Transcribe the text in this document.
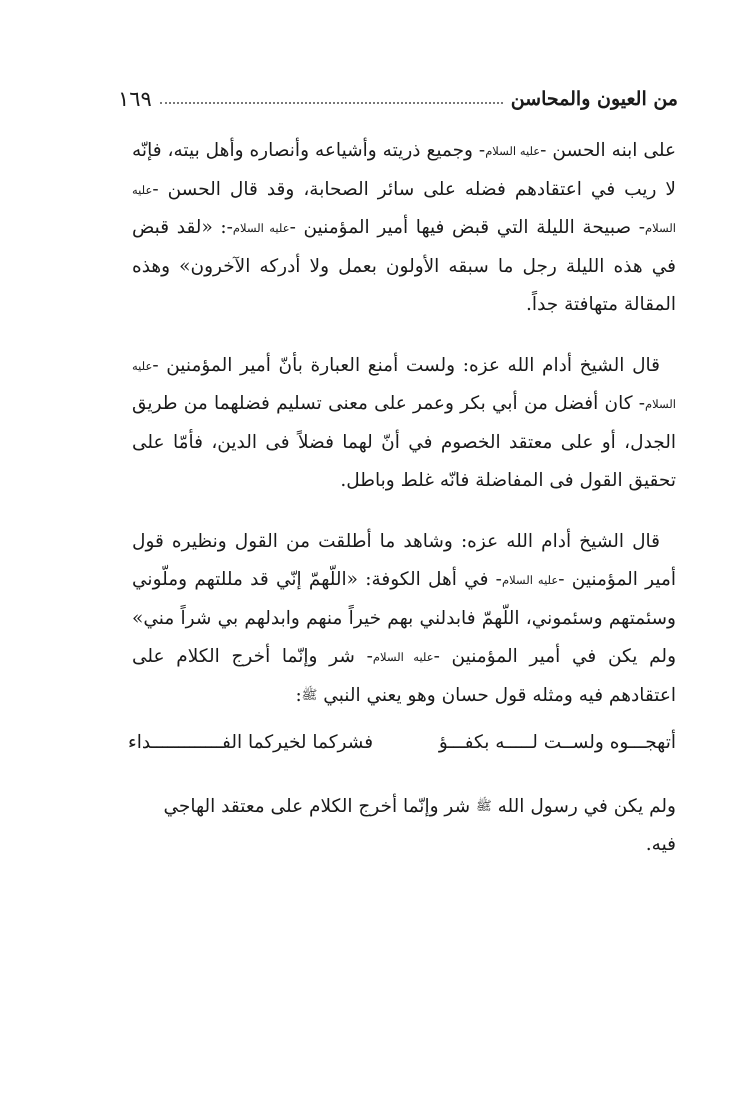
من العيون والمحاسن
١٦٩

على ابنه الحسن -عليه السلام- وجميع ذريته وأشياعه وأنصاره وأهل بيته، فإنّه لا ريب في اعتقادهم فضله على سائر الصحابة، وقد قال الحسن -عليه السلام- صبيحة الليلة التي قبض فيها أمير المؤمنين -عليه السلام-: «لقد قبض في هذه الليلة رجل ما سبقه الأولون بعمل ولا أدركه الآخرون» وهذه المقالة متهافتة جداً.

قال الشيخ أدام الله عزه: ولست أمنع العبارة بأنّ أمير المؤمنين -عليه السلام- كان أفضل من أبي بكر وعمر على معنى تسليم فضلهما من طريق الجدل، أو على معتقد الخصوم في أنّ لهما فضلاً فى الدين، فأمّا على تحقيق القول فى المفاضلة فانّه غلط وباطل.

قال الشيخ أدام الله عزه: وشاهد ما أطلقت من القول ونظيره قول أمير المؤمنين -عليه السلام- في أهل الكوفة: «اللّهمّ إنّي قد مللتهم وملّوني وسئمتهم وسئموني، اللّهمّ فابدلني بهم خيراً منهم وابدلهم بي شراً مني» ولم يكن في أمير المؤمنين -عليه السلام- شر وإنّما أخرج الكلام على اعتقادهم فيه ومثله قول حسان وهو يعني النبي ﷺ:

أتهجـــوه ولســت لـــــه بكفـــؤ
فشركما لخيركما الفـــــــــــــداء
ولم يكن في رسول الله ﷺ شر وإنّما أخرج الكلام على معتقد الهاجي فيه.
